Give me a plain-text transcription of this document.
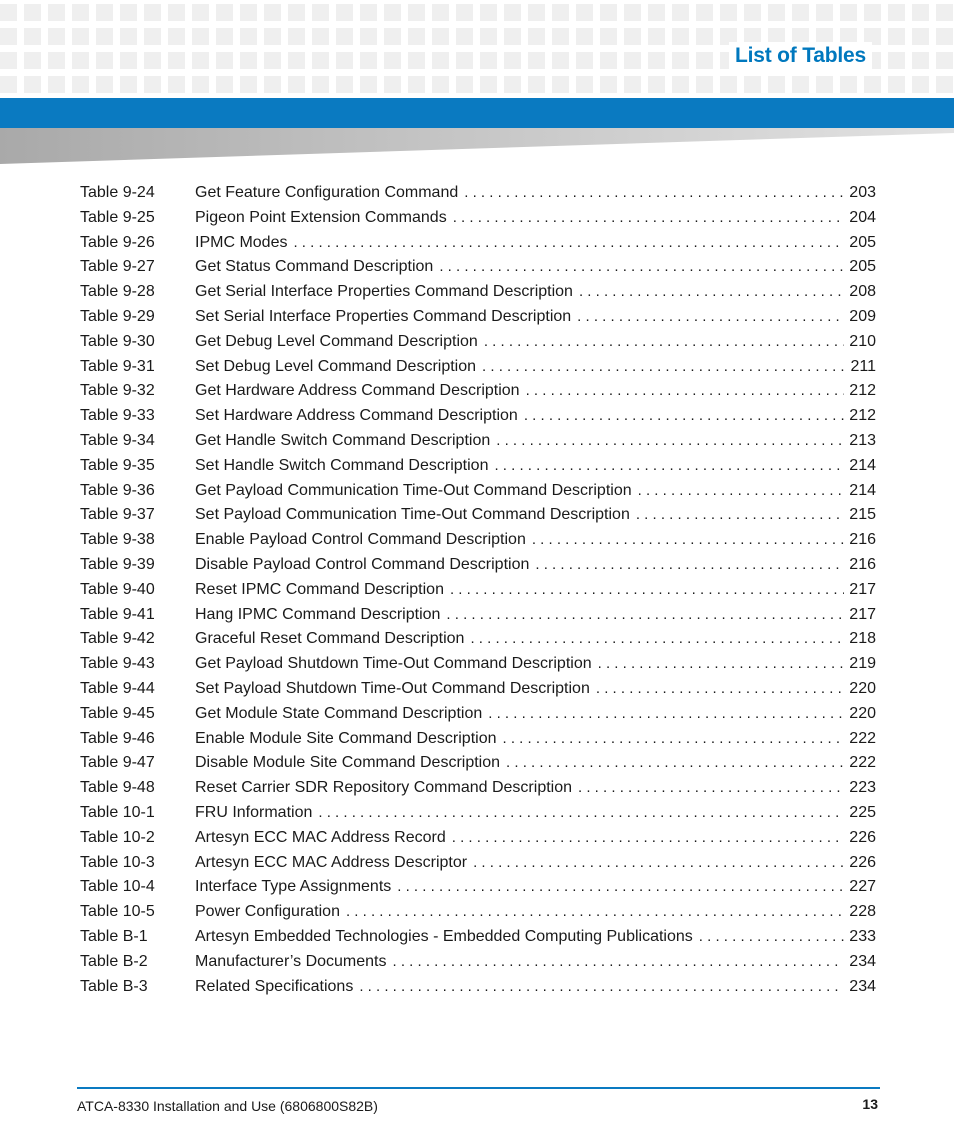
List of Tables
Table 9-24	Get Feature Configuration Command . . .	203
Table 9-25	Pigeon Point Extension Commands . . .	204
Table 9-26	IPMC Modes . . .	205
Table 9-27	Get Status Command Description . . .	205
Table 9-28	Get Serial Interface Properties Command Description . . .	208
Table 9-29	Set Serial Interface Properties Command Description . . .	209
Table 9-30	Get Debug Level Command Description . . .	210
Table 9-31	Set Debug Level Command Description . . .	211
Table 9-32	Get Hardware Address Command Description . . .	212
Table 9-33	Set Hardware Address Command Description . . .	212
Table 9-34	Get Handle Switch Command Description . . .	213
Table 9-35	Set Handle Switch Command Description . . .	214
Table 9-36	Get Payload Communication Time-Out Command Description . . .	214
Table 9-37	Set Payload Communication Time-Out Command Description . . .	215
Table 9-38	Enable Payload Control Command Description . . .	216
Table 9-39	Disable Payload Control Command Description . . .	216
Table 9-40	Reset IPMC Command Description . . .	217
Table 9-41	Hang IPMC Command Description . . .	217
Table 9-42	Graceful Reset Command Description . . .	218
Table 9-43	Get Payload Shutdown Time-Out Command Description . . .	219
Table 9-44	Set Payload Shutdown Time-Out Command Description . . .	220
Table 9-45	Get Module State Command Description . . .	220
Table 9-46	Enable Module Site Command Description . . .	222
Table 9-47	Disable Module Site Command Description . . .	222
Table 9-48	Reset Carrier SDR Repository Command Description . . .	223
Table 10-1	FRU Information . . .	225
Table 10-2	Artesyn ECC MAC Address Record . . .	226
Table 10-3	Artesyn ECC MAC Address Descriptor . . .	226
Table 10-4	Interface Type Assignments . . .	227
Table 10-5	Power Configuration . . .	228
Table B-1	Artesyn Embedded Technologies - Embedded Computing Publications . . .	233
Table B-2	Manufacturer’s Documents . . .	234
Table B-3	Related Specifications . . .	234
ATCA-8330 Installation and Use (6806800S82B)	13
